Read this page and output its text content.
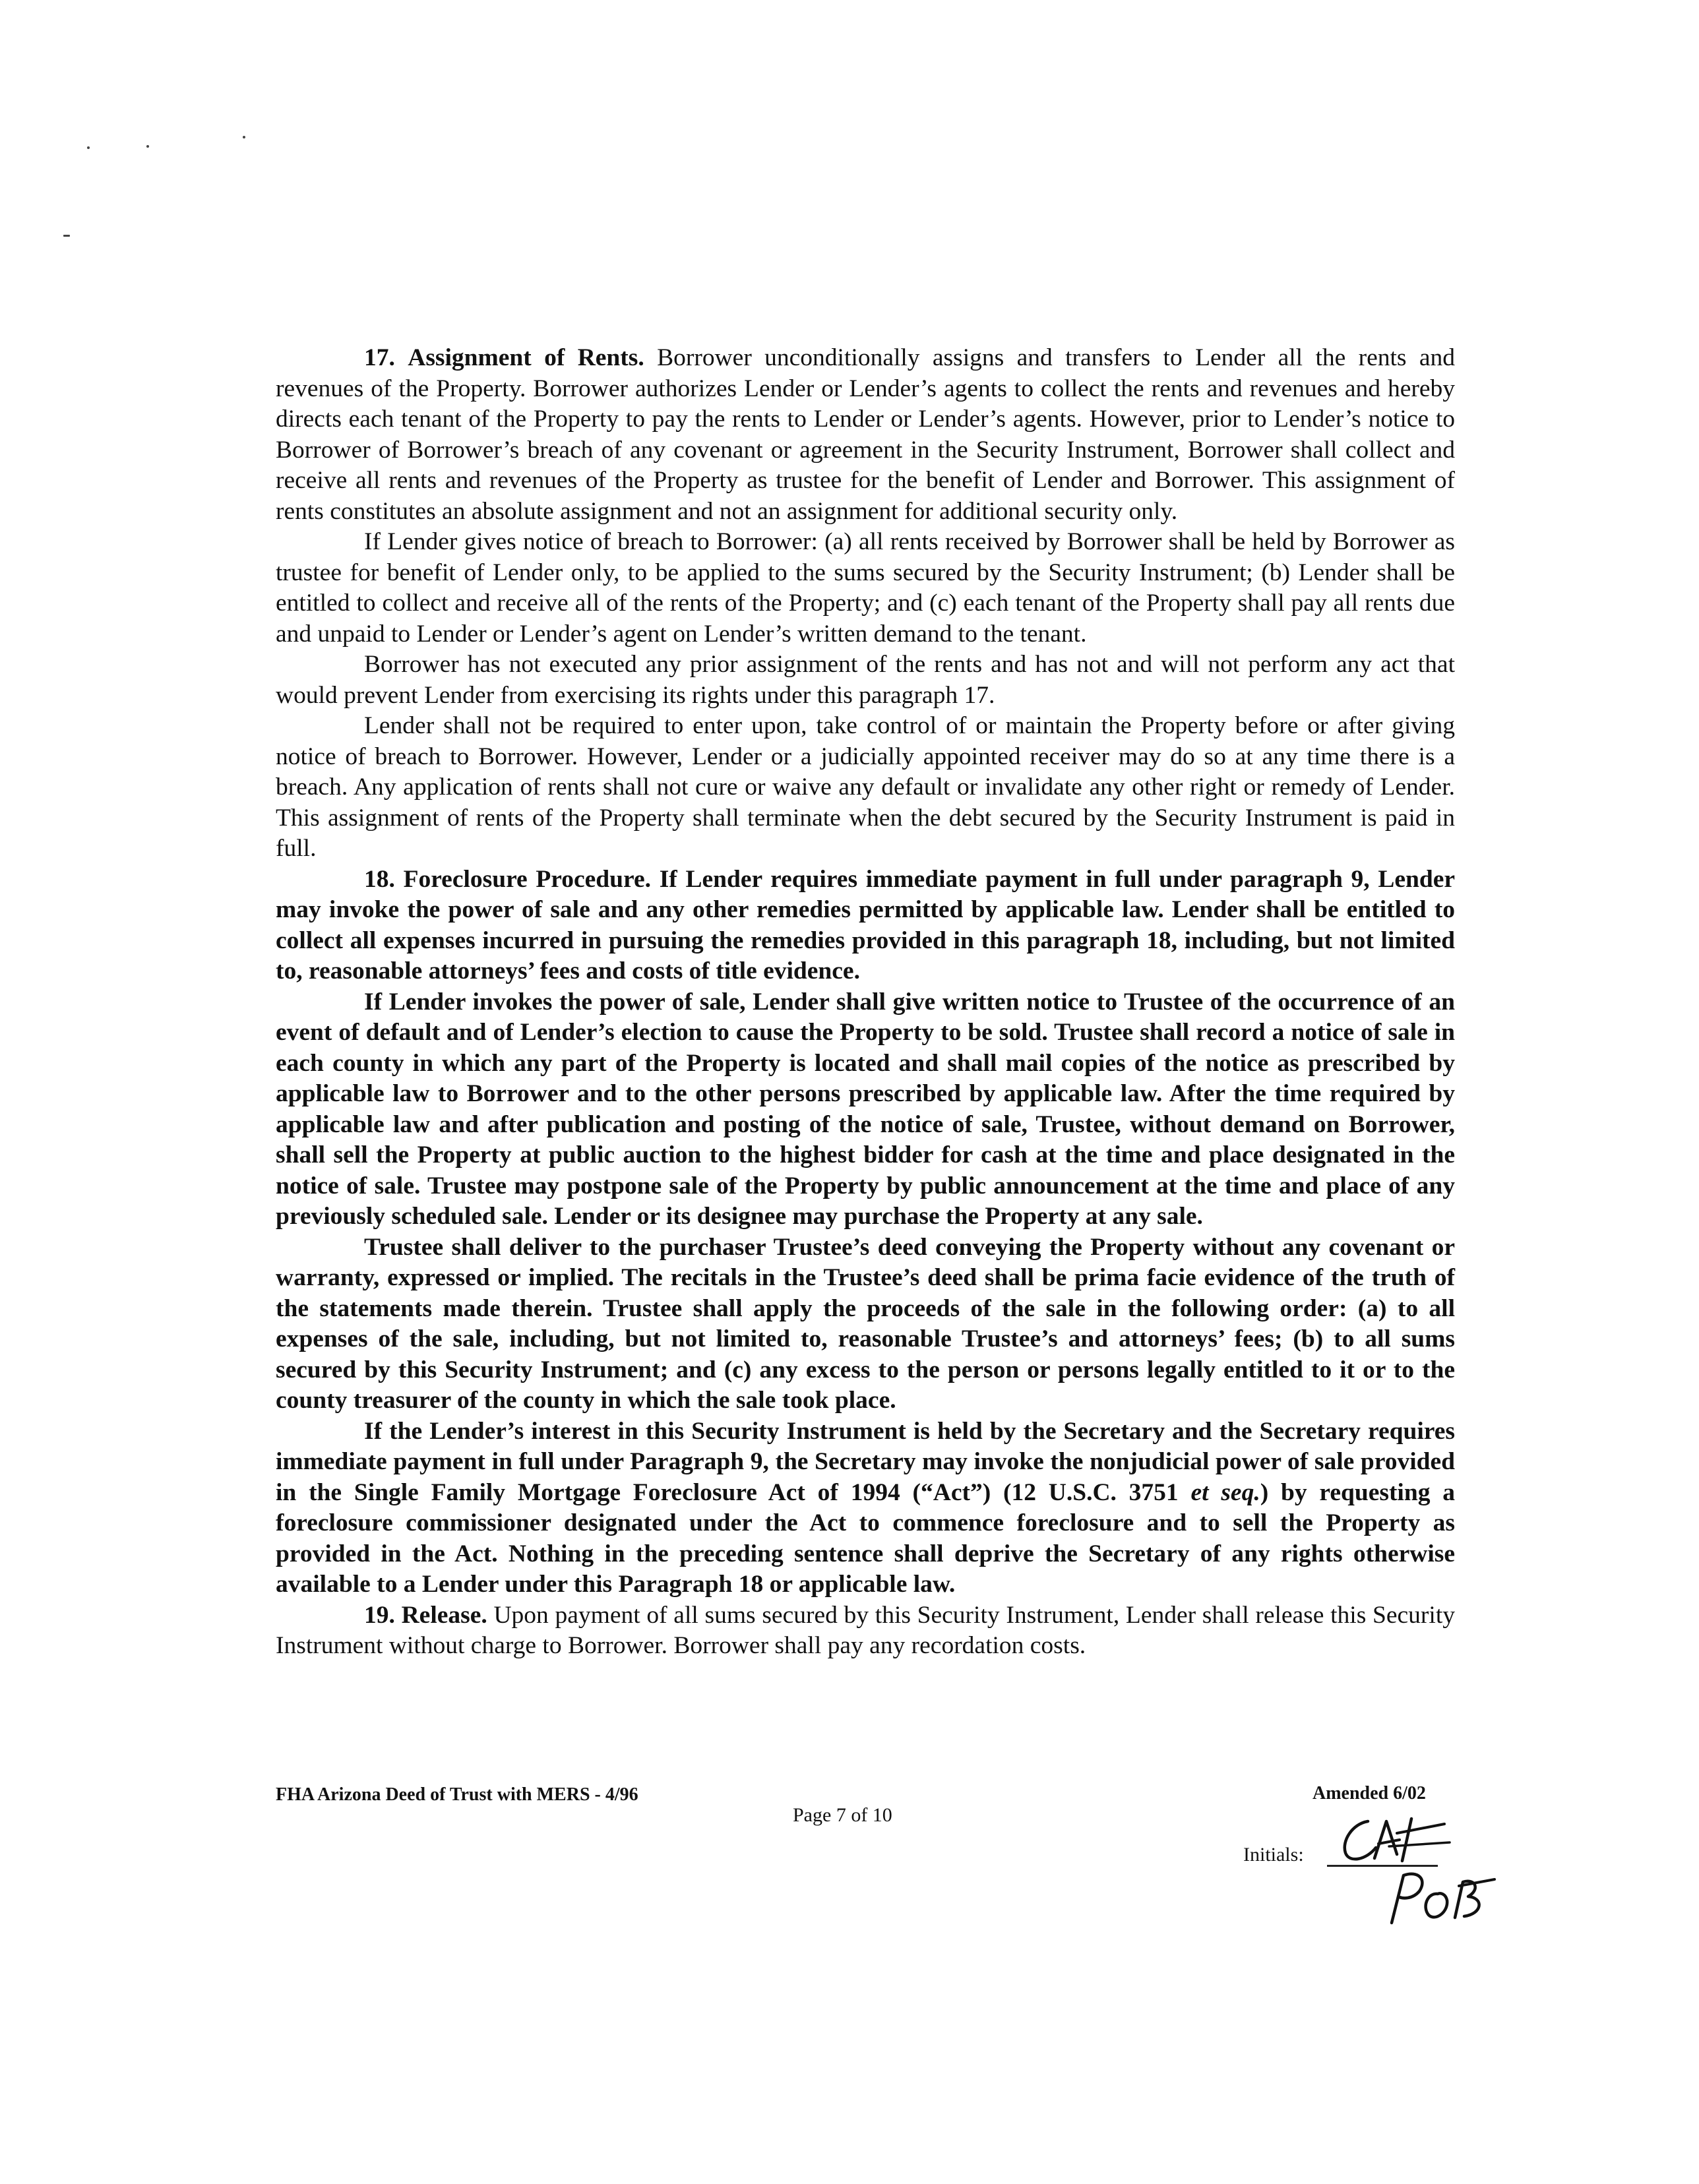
17. Assignment of Rents. Borrower unconditionally assigns and transfers to Lender all the rents and revenues of the Property. Borrower authorizes Lender or Lender’s agents to collect the rents and revenues and hereby directs each tenant of the Property to pay the rents to Lender or Lender’s agents. However, prior to Lender’s notice to Borrower of Borrower’s breach of any covenant or agreement in the Security Instrument, Borrower shall collect and receive all rents and revenues of the Property as trustee for the benefit of Lender and Borrower. This assignment of rents constitutes an absolute assignment and not an assignment for additional security only.

If Lender gives notice of breach to Borrower: (a) all rents received by Borrower shall be held by Borrower as trustee for benefit of Lender only, to be applied to the sums secured by the Security Instrument; (b) Lender shall be entitled to collect and receive all of the rents of the Property; and (c) each tenant of the Property shall pay all rents due and unpaid to Lender or Lender’s agent on Lender’s written demand to the tenant.

Borrower has not executed any prior assignment of the rents and has not and will not perform any act that would prevent Lender from exercising its rights under this paragraph 17.

Lender shall not be required to enter upon, take control of or maintain the Property before or after giving notice of breach to Borrower. However, Lender or a judicially appointed receiver may do so at any time there is a breach. Any application of rents shall not cure or waive any default or invalidate any other right or remedy of Lender. This assignment of rents of the Property shall terminate when the debt secured by the Security Instrument is paid in full.

18. Foreclosure Procedure. If Lender requires immediate payment in full under paragraph 9, Lender may invoke the power of sale and any other remedies permitted by applicable law. Lender shall be entitled to collect all expenses incurred in pursuing the remedies provided in this paragraph 18, including, but not limited to, reasonable attorneys’ fees and costs of title evidence.

If Lender invokes the power of sale, Lender shall give written notice to Trustee of the occurrence of an event of default and of Lender’s election to cause the Property to be sold. Trustee shall record a notice of sale in each county in which any part of the Property is located and shall mail copies of the notice as prescribed by applicable law to Borrower and to the other persons prescribed by applicable law. After the time required by applicable law and after publication and posting of the notice of sale, Trustee, without demand on Borrower, shall sell the Property at public auction to the highest bidder for cash at the time and place designated in the notice of sale. Trustee may postpone sale of the Property by public announcement at the time and place of any previously scheduled sale. Lender or its designee may purchase the Property at any sale.

Trustee shall deliver to the purchaser Trustee’s deed conveying the Property without any covenant or warranty, expressed or implied. The recitals in the Trustee’s deed shall be prima facie evidence of the truth of the statements made therein. Trustee shall apply the proceeds of the sale in the following order: (a) to all expenses of the sale, including, but not limited to, reasonable Trustee’s and attorneys’ fees; (b) to all sums secured by this Security Instrument; and (c) any excess to the person or persons legally entitled to it or to the county treasurer of the county in which the sale took place.

If the Lender’s interest in this Security Instrument is held by the Secretary and the Secretary requires immediate payment in full under Paragraph 9, the Secretary may invoke the nonjudicial power of sale provided in the Single Family Mortgage Foreclosure Act of 1994 (“Act”) (12 U.S.C. 3751 et seq.) by requesting a foreclosure commissioner designated under the Act to commence foreclosure and to sell the Property as provided in the Act. Nothing in the preceding sentence shall deprive the Secretary of any rights otherwise available to a Lender under this Paragraph 18 or applicable law.

19. Release. Upon payment of all sums secured by this Security Instrument, Lender shall release this Security Instrument without charge to Borrower. Borrower shall pay any recordation costs.

FHA Arizona Deed of Trust with MERS - 4/96
Page 7 of 10
Amended 6/02
Initials:
